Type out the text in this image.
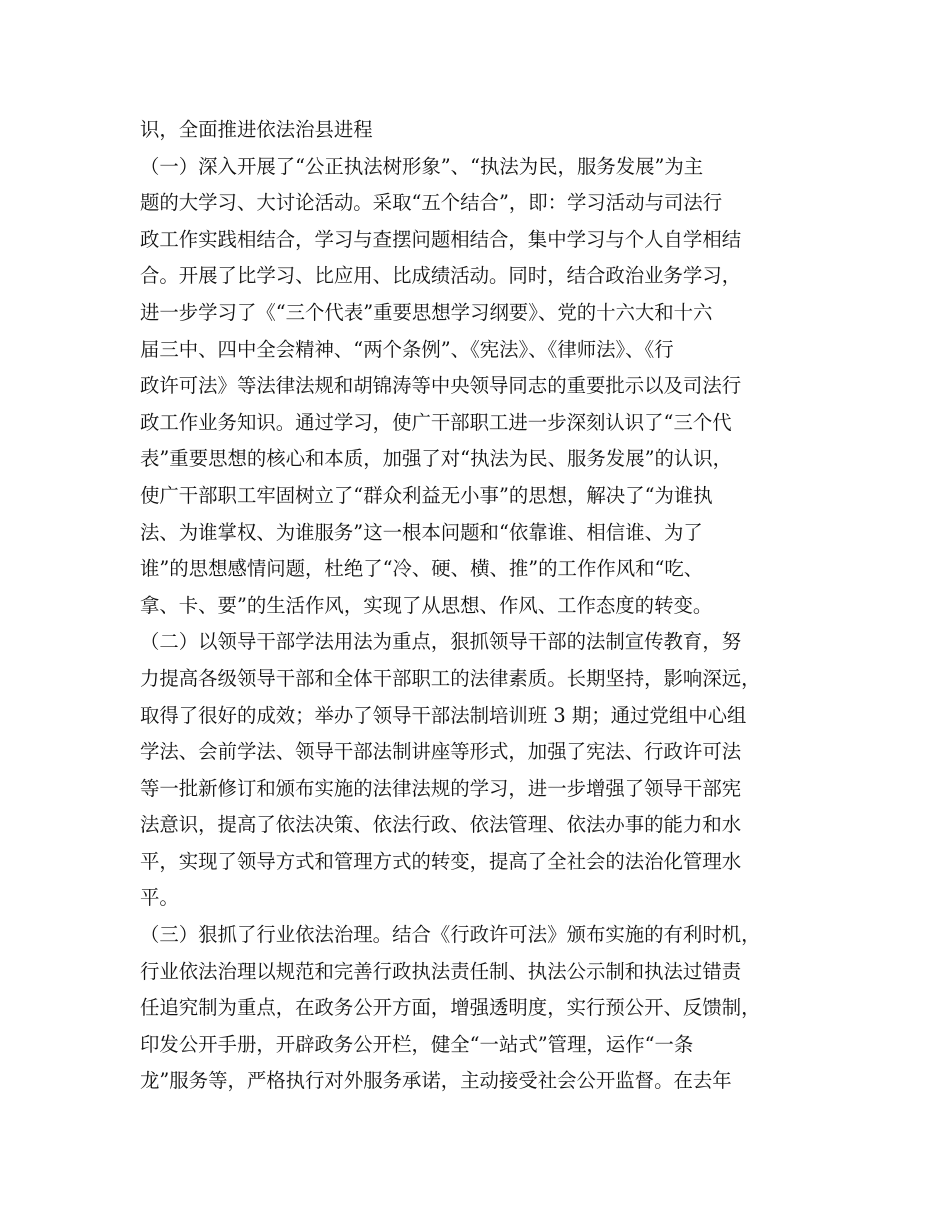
识，全面推进依法治县进程
（一）深入开展了“公正执法树形象”、“执法为民，服务发展”为主
题的大学习、大讨论活动。采取“五个结合”，即：学习活动与司法行
政工作实践相结合，学习与查摆问题相结合，集中学习与个人自学相结
合。开展了比学习、比应用、比成绩活动。同时，结合政治业务学习，
进一步学习了《“三个代表”重要思想学习纲要》、党的十六大和十六
届三中、四中全会精神、“两个条例”、《宪法》、《律师法》、《行
政许可法》等法律法规和胡锦涛等中央领导同志的重要批示以及司法行
政工作业务知识。通过学习，使广干部职工进一步深刻认识了“三个代
表”重要思想的核心和本质，加强了对“执法为民、服务发展”的认识，
使广干部职工牢固树立了“群众利益无小事”的思想，解决了“为谁执
法、为谁掌权、为谁服务”这一根本问题和“依靠谁、相信谁、为了
谁”的思想感情问题，杜绝了“冷、硬、横、推”的工作作风和“吃、
拿、卡、要”的生活作风，实现了从思想、作风、工作态度的转变。
（二）以领导干部学法用法为重点，狠抓领导干部的法制宣传教育，努
力提高各级领导干部和全体干部职工的法律素质。长期坚持，影响深远，
取得了很好的成效；举办了领导干部法制培训班 3 期；通过党组中心组
学法、会前学法、领导干部法制讲座等形式，加强了宪法、行政许可法
等一批新修订和颁布实施的法律法规的学习，进一步增强了领导干部宪
法意识，提高了依法决策、依法行政、依法管理、依法办事的能力和水
平，实现了领导方式和管理方式的转变，提高了全社会的法治化管理水
平。
（三）狠抓了行业依法治理。结合《行政许可法》颁布实施的有利时机，
行业依法治理以规范和完善行政执法责任制、执法公示制和执法过错责
任追究制为重点，在政务公开方面，增强透明度，实行预公开、反馈制，
印发公开手册，开辟政务公开栏，健全“一站式”管理，运作“一条
龙”服务等，严格执行对外服务承诺，主动接受社会公开监督。在去年
